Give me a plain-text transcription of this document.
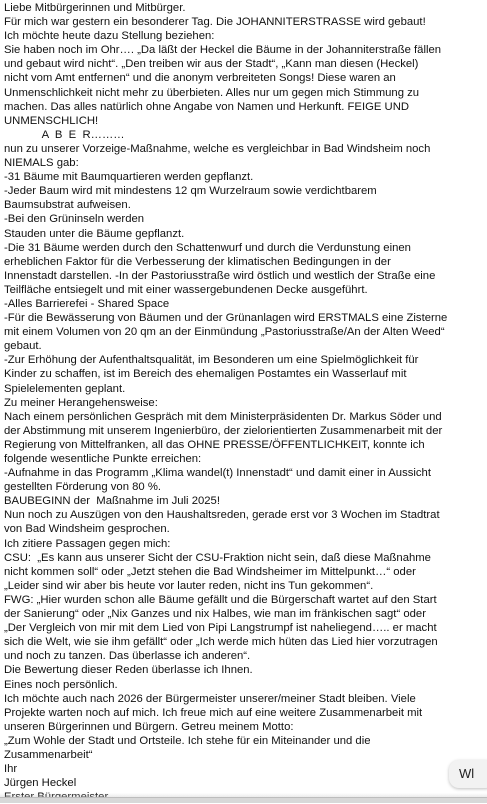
Liebe Mitbürgerinnen und Mitbürger.
Für mich war gestern ein besonderer Tag. Die JOHANNITERSTRASSE wird gebaut!
Ich möchte heute dazu Stellung beziehen:
Sie haben noch im Ohr…. „Da läßt der Heckel die Bäume in der Johanniterstraße fällen
und gebaut wird nicht“. „Den treiben wir aus der Stadt“, „Kann man diesen (Heckel)
nicht vom Amt entfernen“ und die anonym verbreiteten Songs! Diese waren an
Unmenschlichkeit nicht mehr zu überbieten. Alles nur um gegen mich Stimmung zu
machen. Das alles natürlich ohne Angabe von Namen und Herkunft. FEIGE UND
UNMENSCHLICH!
A  B  E  R………
nun zu unserer Vorzeige-Maßnahme, welche es vergleichbar in Bad Windsheim noch
NIEMALS gab:
-31 Bäume mit Baumquartieren werden gepflanzt.
-Jeder Baum wird mit mindestens 12 qm Wurzelraum sowie verdichtbarem
Baumsubstrat aufweisen.
-Bei den Grüninseln werden
Stauden unter die Bäume gepflanzt.
-Die 31 Bäume werden durch den Schattenwurf und durch die Verdunstung einen
erheblichen Faktor für die Verbesserung der klimatischen Bedingungen in der
Innenstadt darstellen. -In der Pastoriusstraße wird östlich und westlich der Straße eine
Teilfläche entsiegelt und mit einer wassergebundenen Decke ausgeführt.
-Alles Barrierefei - Shared Space
-Für die Bewässerung von Bäumen und der Grünanlagen wird ERSTMALS eine Zisterne
mit einem Volumen von 20 qm an der Einmündung „Pastoriusstraße/An der Alten Weed“
gebaut.
-Zur Erhöhung der Aufenthaltsqualität, im Besonderen um eine Spielmöglichkeit für
Kinder zu schaffen, ist im Bereich des ehemaligen Postamtes ein Wasserlauf mit
Spielelementen geplant.
Zu meiner Herangehensweise:
Nach einem persönlichen Gespräch mit dem Ministerpräsidenten Dr. Markus Söder und
der Abstimmung mit unserem Ingenierbüro, der zielorientierten Zusammenarbeit mit der
Regierung von Mittelfranken, all das OHNE PRESSE/ÖFFENTLICHKEIT, konnte ich
folgende wesentliche Punkte erreichen:
-Aufnahme in das Programm „Klima wandel(t) Innenstadt“ und damit einer in Aussicht
gestellten Förderung von 80 %.
BAUBEGINN der  Maßnahme im Juli 2025!
Nun noch zu Auszügen von den Haushaltsreden, gerade erst vor 3 Wochen im Stadtrat
von Bad Windsheim gesprochen.
Ich zitiere Passagen gegen mich:
CSU:  „Es kann aus unserer Sicht der CSU-Fraktion nicht sein, daß diese Maßnahme
nicht kommen soll“ oder „Jetzt stehen die Bad Windsheimer im Mittelpunkt…“ oder
„Leider sind wir aber bis heute vor lauter reden, nicht ins Tun gekommen“.
FWG: „Hier wurden schon alle Bäume gefällt und die Bürgerschaft wartet auf den Start
der Sanierung“ oder „Nix Ganzes und nix Halbes, wie man im fränkischen sagt“ oder
„Der Vergleich von mir mit dem Lied von Pipi Langstrumpf ist naheliegend….. er macht
sich die Welt, wie sie ihm gefällt“ oder „Ich werde mich hüten das Lied hier vorzutragen
und noch zu tanzen. Das überlasse ich anderen“.
Die Bewertung dieser Reden überlasse ich Ihnen.
Eines noch persönlich.
Ich möchte auch nach 2026 der Bürgermeister unserer/meiner Stadt bleiben. Viele
Projekte warten noch auf mich. Ich freue mich auf eine weitere Zusammenarbeit mit
unseren Bürgerinnen und Bürgern. Getreu meinem Motto:
„Zum Wohle der Stadt und Ortsteile. Ich stehe für ein Miteinander und die
Zusammenarbeit“
Ihr
Jürgen Heckel
Wl
